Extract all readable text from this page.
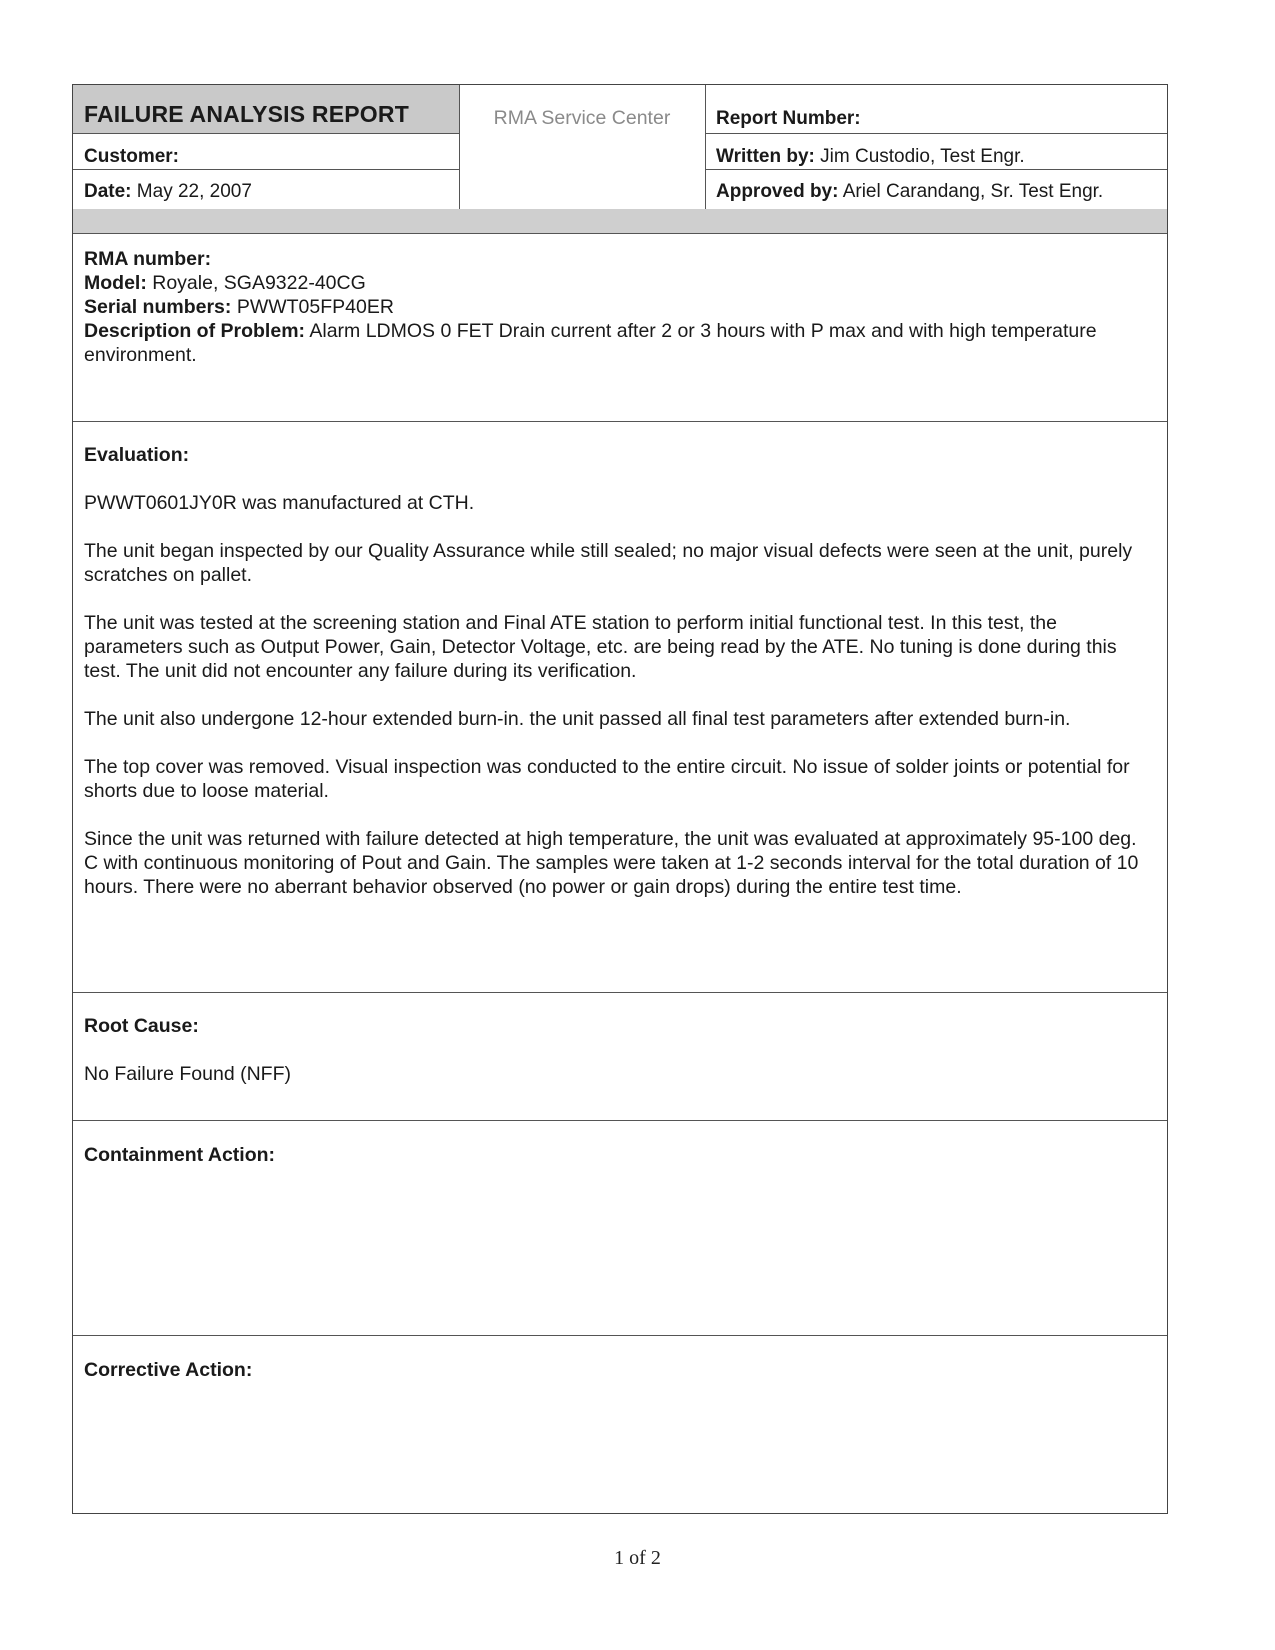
FAILURE ANALYSIS REPORT	RMA Service Center
Customer:
Date: May 22, 2007
Report Number:
Written by: Jim Custodio, Test Engr.
Approved by: Ariel Carandang, Sr. Test Engr.

RMA number:

Model: Royale, SGA9322-40CG

Serial numbers: PWWT05FP40ER

Description of Problem: Alarm LDMOS 0 FET Drain current after 2 or 3 hours with P max and with high temperature environment.

Evaluation:

PWWT0601JY0R was manufactured at CTH.

The unit began inspected by our Quality Assurance while still sealed; no major visual defects were seen at the unit, purely scratches on pallet.

The unit was tested at the screening station and Final ATE station to perform initial functional test. In this test, the parameters such as Output Power, Gain, Detector Voltage, etc. are being read by the ATE. No tuning is done during this test. The unit did not encounter any failure during its verification.

The unit also undergone 12-hour extended burn-in. the unit passed all final test parameters after extended burn-in.

The top cover was removed. Visual inspection was conducted to the entire circuit. No issue of solder joints or potential for shorts due to loose material.

Since the unit was returned with failure detected at high temperature, the unit was evaluated at approximately 95-100 deg. C with continuous monitoring of Pout and Gain. The samples were taken at 1-2 seconds interval for the total duration of 10 hours. There were no aberrant behavior observed (no power or gain drops) during the entire test time.

Root Cause:

No Failure Found (NFF)

Containment Action:

Corrective Action:

1 of 2
